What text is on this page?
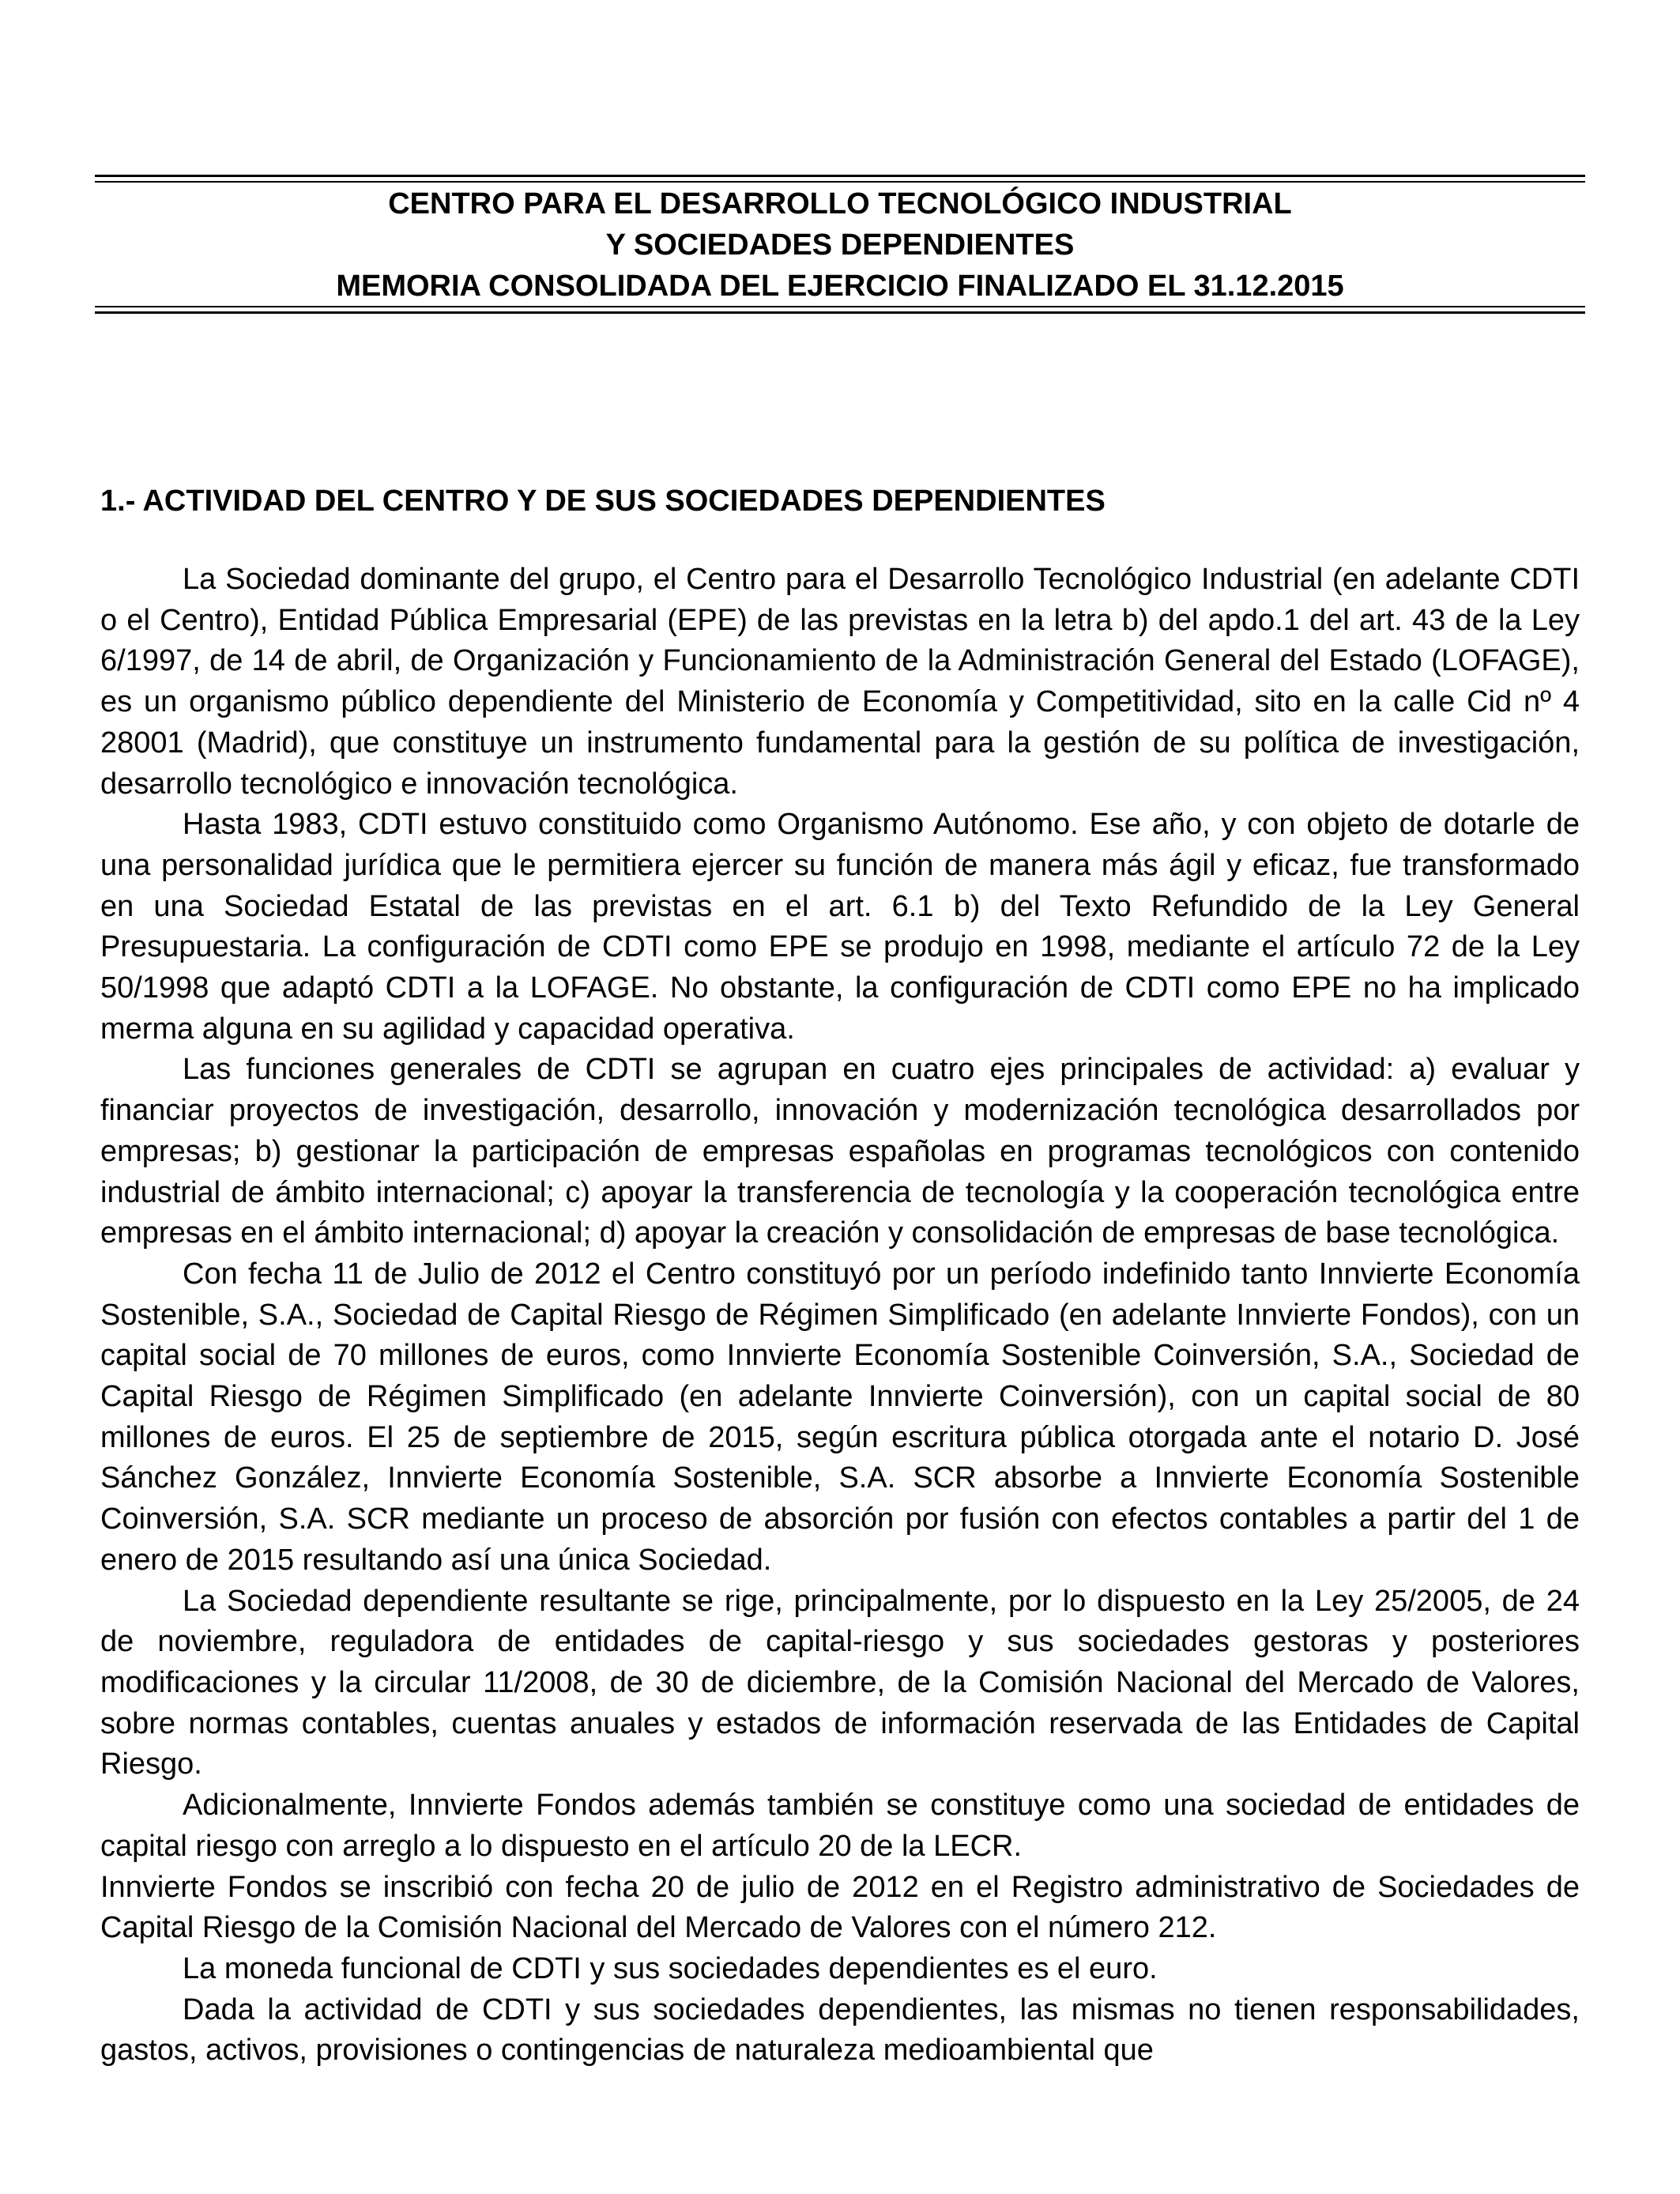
CENTRO PARA EL DESARROLLO TECNOLÓGICO INDUSTRIAL
Y SOCIEDADES DEPENDIENTES
MEMORIA CONSOLIDADA DEL EJERCICIO FINALIZADO EL 31.12.2015
1.- ACTIVIDAD DEL CENTRO Y DE SUS SOCIEDADES DEPENDIENTES

La Sociedad dominante del grupo, el Centro para el Desarrollo Tecnológico Industrial (en adelante CDTI o el Centro), Entidad Pública Empresarial (EPE) de las previstas en la letra b) del apdo.1 del art. 43 de la Ley 6/1997, de 14 de abril, de Organización y Funcionamiento de la Administración General del Estado (LOFAGE), es un organismo público dependiente del Ministerio de Economía y Competitividad, sito en la calle Cid nº 4 28001 (Madrid), que constituye un instrumento fundamental para la gestión de su política de investigación, desarrollo tecnológico e innovación tecnológica.

Hasta 1983, CDTI estuvo constituido como Organismo Autónomo. Ese año, y con objeto de dotarle de una personalidad jurídica que le permitiera ejercer su función de manera más ágil y eficaz, fue transformado en una Sociedad Estatal de las previstas en el art. 6.1 b) del Texto Refundido de la Ley General Presupuestaria. La configuración de CDTI como EPE se produjo en 1998, mediante el artículo 72 de la Ley 50/1998 que adaptó CDTI a la LOFAGE. No obstante, la configuración de CDTI como EPE no ha implicado merma alguna en su agilidad y capacidad operativa.

Las funciones generales de CDTI se agrupan en cuatro ejes principales de actividad: a) evaluar y financiar proyectos de investigación, desarrollo, innovación y modernización tecnológica desarrollados por empresas; b) gestionar la participación de empresas españolas en programas tecnológicos con contenido industrial de ámbito internacional; c) apoyar la transferencia de tecnología y la cooperación tecnológica entre empresas en el ámbito internacional; d) apoyar la creación y consolidación de empresas de base tecnológica.

Con fecha 11 de Julio de 2012 el Centro constituyó por un período indefinido tanto Innvierte Economía Sostenible, S.A., Sociedad de Capital Riesgo de Régimen Simplificado (en adelante Innvierte Fondos), con un capital social de 70 millones de euros, como Innvierte Economía Sostenible Coinversión, S.A., Sociedad de Capital Riesgo de Régimen Simplificado (en adelante Innvierte Coinversión), con un capital social de 80 millones de euros. El 25 de septiembre de 2015, según escritura pública otorgada ante el notario D. José Sánchez González, Innvierte Economía Sostenible, S.A. SCR absorbe a Innvierte Economía Sostenible Coinversión, S.A. SCR mediante un proceso de absorción por fusión con efectos contables a partir del 1 de enero de 2015 resultando así una única Sociedad.

La Sociedad dependiente resultante se rige, principalmente, por lo dispuesto en la Ley 25/2005, de 24 de noviembre, reguladora de entidades de capital-riesgo y sus sociedades gestoras y posteriores modificaciones y la circular 11/2008, de 30 de diciembre, de la Comisión Nacional del Mercado de Valores, sobre normas contables, cuentas anuales y estados de información reservada de las Entidades de Capital Riesgo.

Adicionalmente, Innvierte Fondos además también se constituye como una sociedad de entidades de capital riesgo con arreglo a lo dispuesto en el artículo 20 de la LECR.

Innvierte Fondos se inscribió con fecha 20 de julio de 2012 en el Registro administrativo de Sociedades de Capital Riesgo de la Comisión Nacional del Mercado de Valores con el número 212.

La moneda funcional de CDTI y sus sociedades dependientes es el euro.

Dada la actividad de CDTI y sus sociedades dependientes, las mismas no tienen responsabilidades, gastos, activos, provisiones o contingencias de naturaleza medioambiental que
